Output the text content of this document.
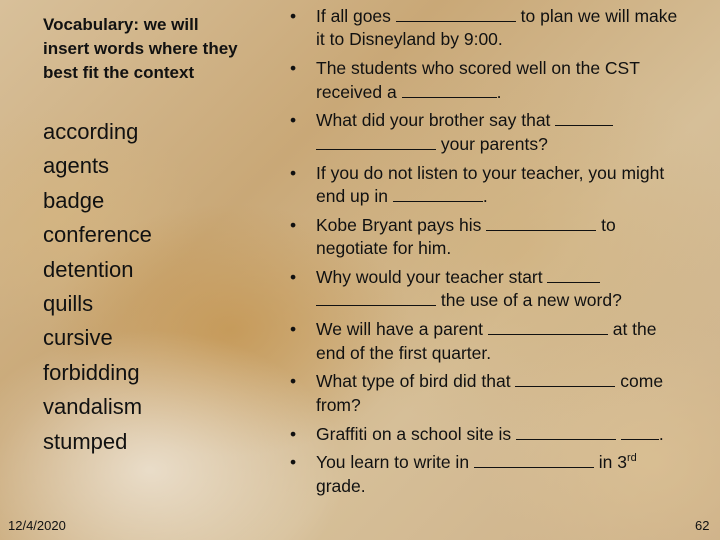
Vocabulary: we will insert words where they best fit the context
according
agents
badge
conference
detention
quills
cursive
forbidding
vandalism
stumped
• If all goes	to plan we will make it to Disneyland by 9:00.
• The students who scored well on the CST received a	.
• What did your brother say that   your parents?
• If you do not listen to your teacher, you might end up in	.
• Kobe Bryant pays his	to negotiate for him.
• Why would your teacher start   the use of a new word?
• We will have a parent	at the end of the first quarter.
• What type of bird did that	come from?
• Graffiti on a school site is	.
• You learn to write in	in 3rd grade.
12/4/2020	62
